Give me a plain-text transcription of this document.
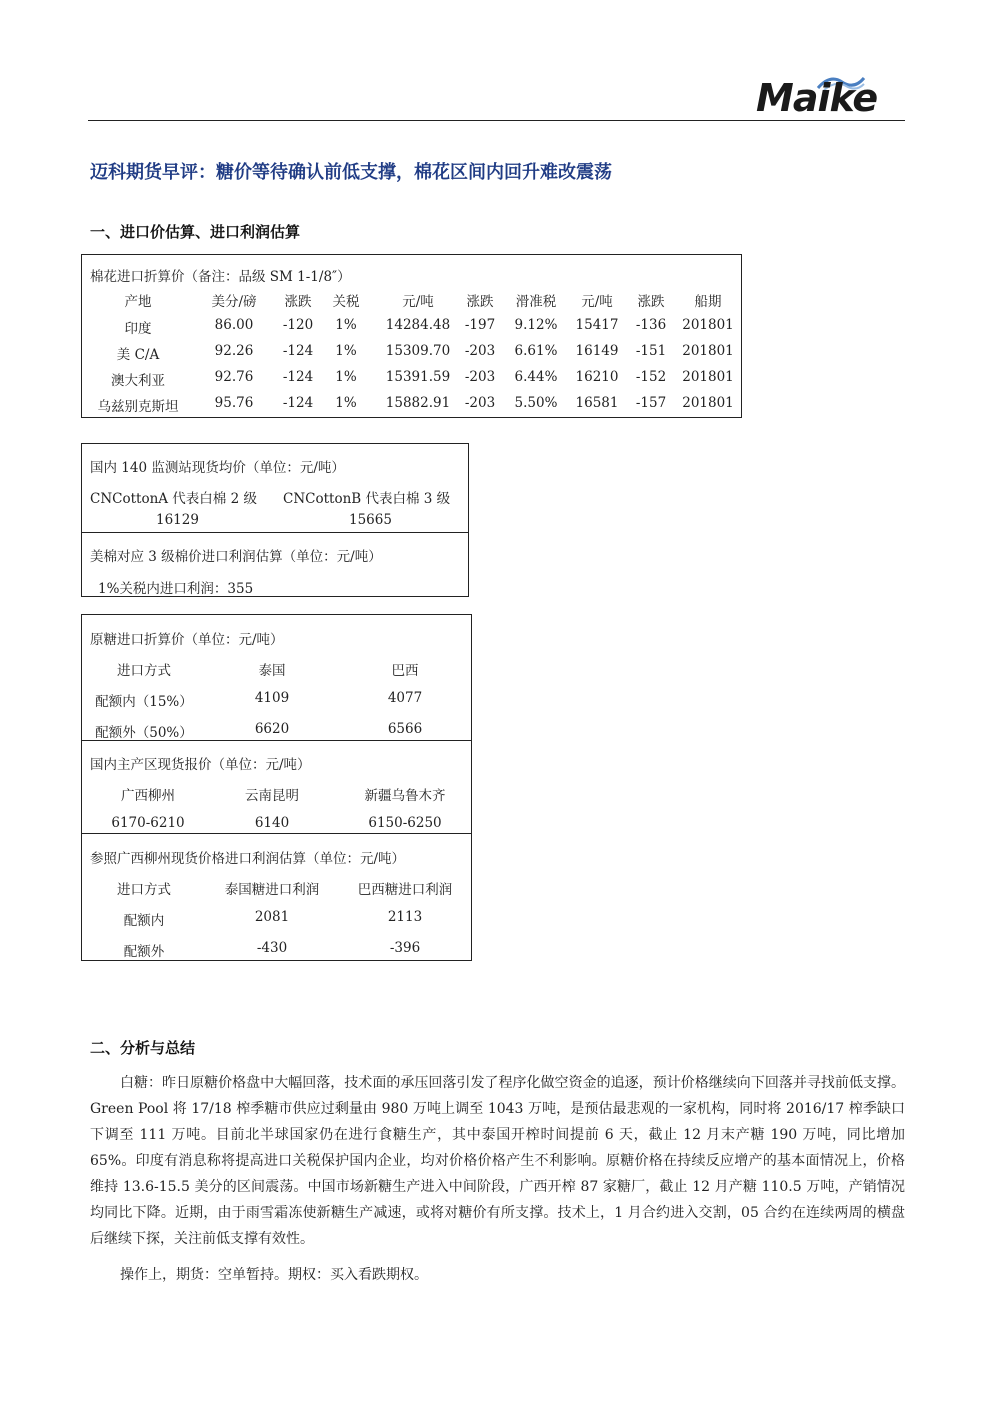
Maike
迈科期货早评：糖价等待确认前低支撑，棉花区间内回升难改震荡
一、进口价估算、进口利润估算
棉花进口折算价（备注：品级 SM 1-1/8″）
产地	美分/磅 涨跌 关税	元/吨 涨跌 滑准税 元/吨 涨跌 船期
印度	86.00 -120 1% 14284.48 -197 9.12% 15417 -136 201801
美 C/A	92.26 -124 1% 15309.70 -203 6.61% 16149 -151 201801
澳大利亚	92.76 -124 1% 15391.59 -203 6.44% 16210 -152 201801
乌兹别克斯坦	95.76 -124 1% 15882.91 -203 5.50% 16581 -157 201801
国内 140 监测站现货均价（单位：元/吨）
CNCottonA 代表白棉 2 级 CNCottonB 代表白棉 3 级
16129	15665
美棉对应 3 级棉价进口利润估算（单位：元/吨）
1%关税内进口利润：355
原糖进口折算价（单位：元/吨）
进口方式	泰国	巴西
配额内（15%）	4109	4077
配额外（50%）	6620	6566
国内主产区现货报价（单位：元/吨）
广西柳州	云南昆明	新疆乌鲁木齐
6170-6210	6140	6150-6250
参照广西柳州现货价格进口利润估算（单位：元/吨）
进口方式	泰国糖进口利润	巴西糖进口利润
配额内	2081	2113
配额外	-430	-396
二、分析与总结

白糖：昨日原糖价格盘中大幅回落，技术面的承压回落引发了程序化做空资金的追逐，预计价格继续向下回落并寻找前低支撑。Green Pool 将 17/18 榨季糖市供应过剩量由 980 万吨上调至 1043 万吨，是预估最悲观的一家机构，同时将 2016/17 榨季缺口下调至 111 万吨。目前北半球国家仍在进行食糖生产，其中泰国开榨时间提前 6 天，截止 12 月末产糖 190 万吨，同比增加 65%。印度有消息称将提高进口关税保护国内企业，均对价格价格产生不利影响。原糖价格在持续反应增产的基本面情况上，价格维持 13.6-15.5 美分的区间震荡。中国市场新糖生产进入中间阶段，广西开榨 87 家糖厂，截止 12 月产糖 110.5 万吨，产销情况均同比下降。近期，由于雨雪霜冻使新糖生产减速，或将对糖价有所支撑。技术上，1 月合约进入交割，05 合约在连续两周的横盘后继续下探，关注前低支撑有效性。

操作上，期货：空单暂持。期权：买入看跌期权。
